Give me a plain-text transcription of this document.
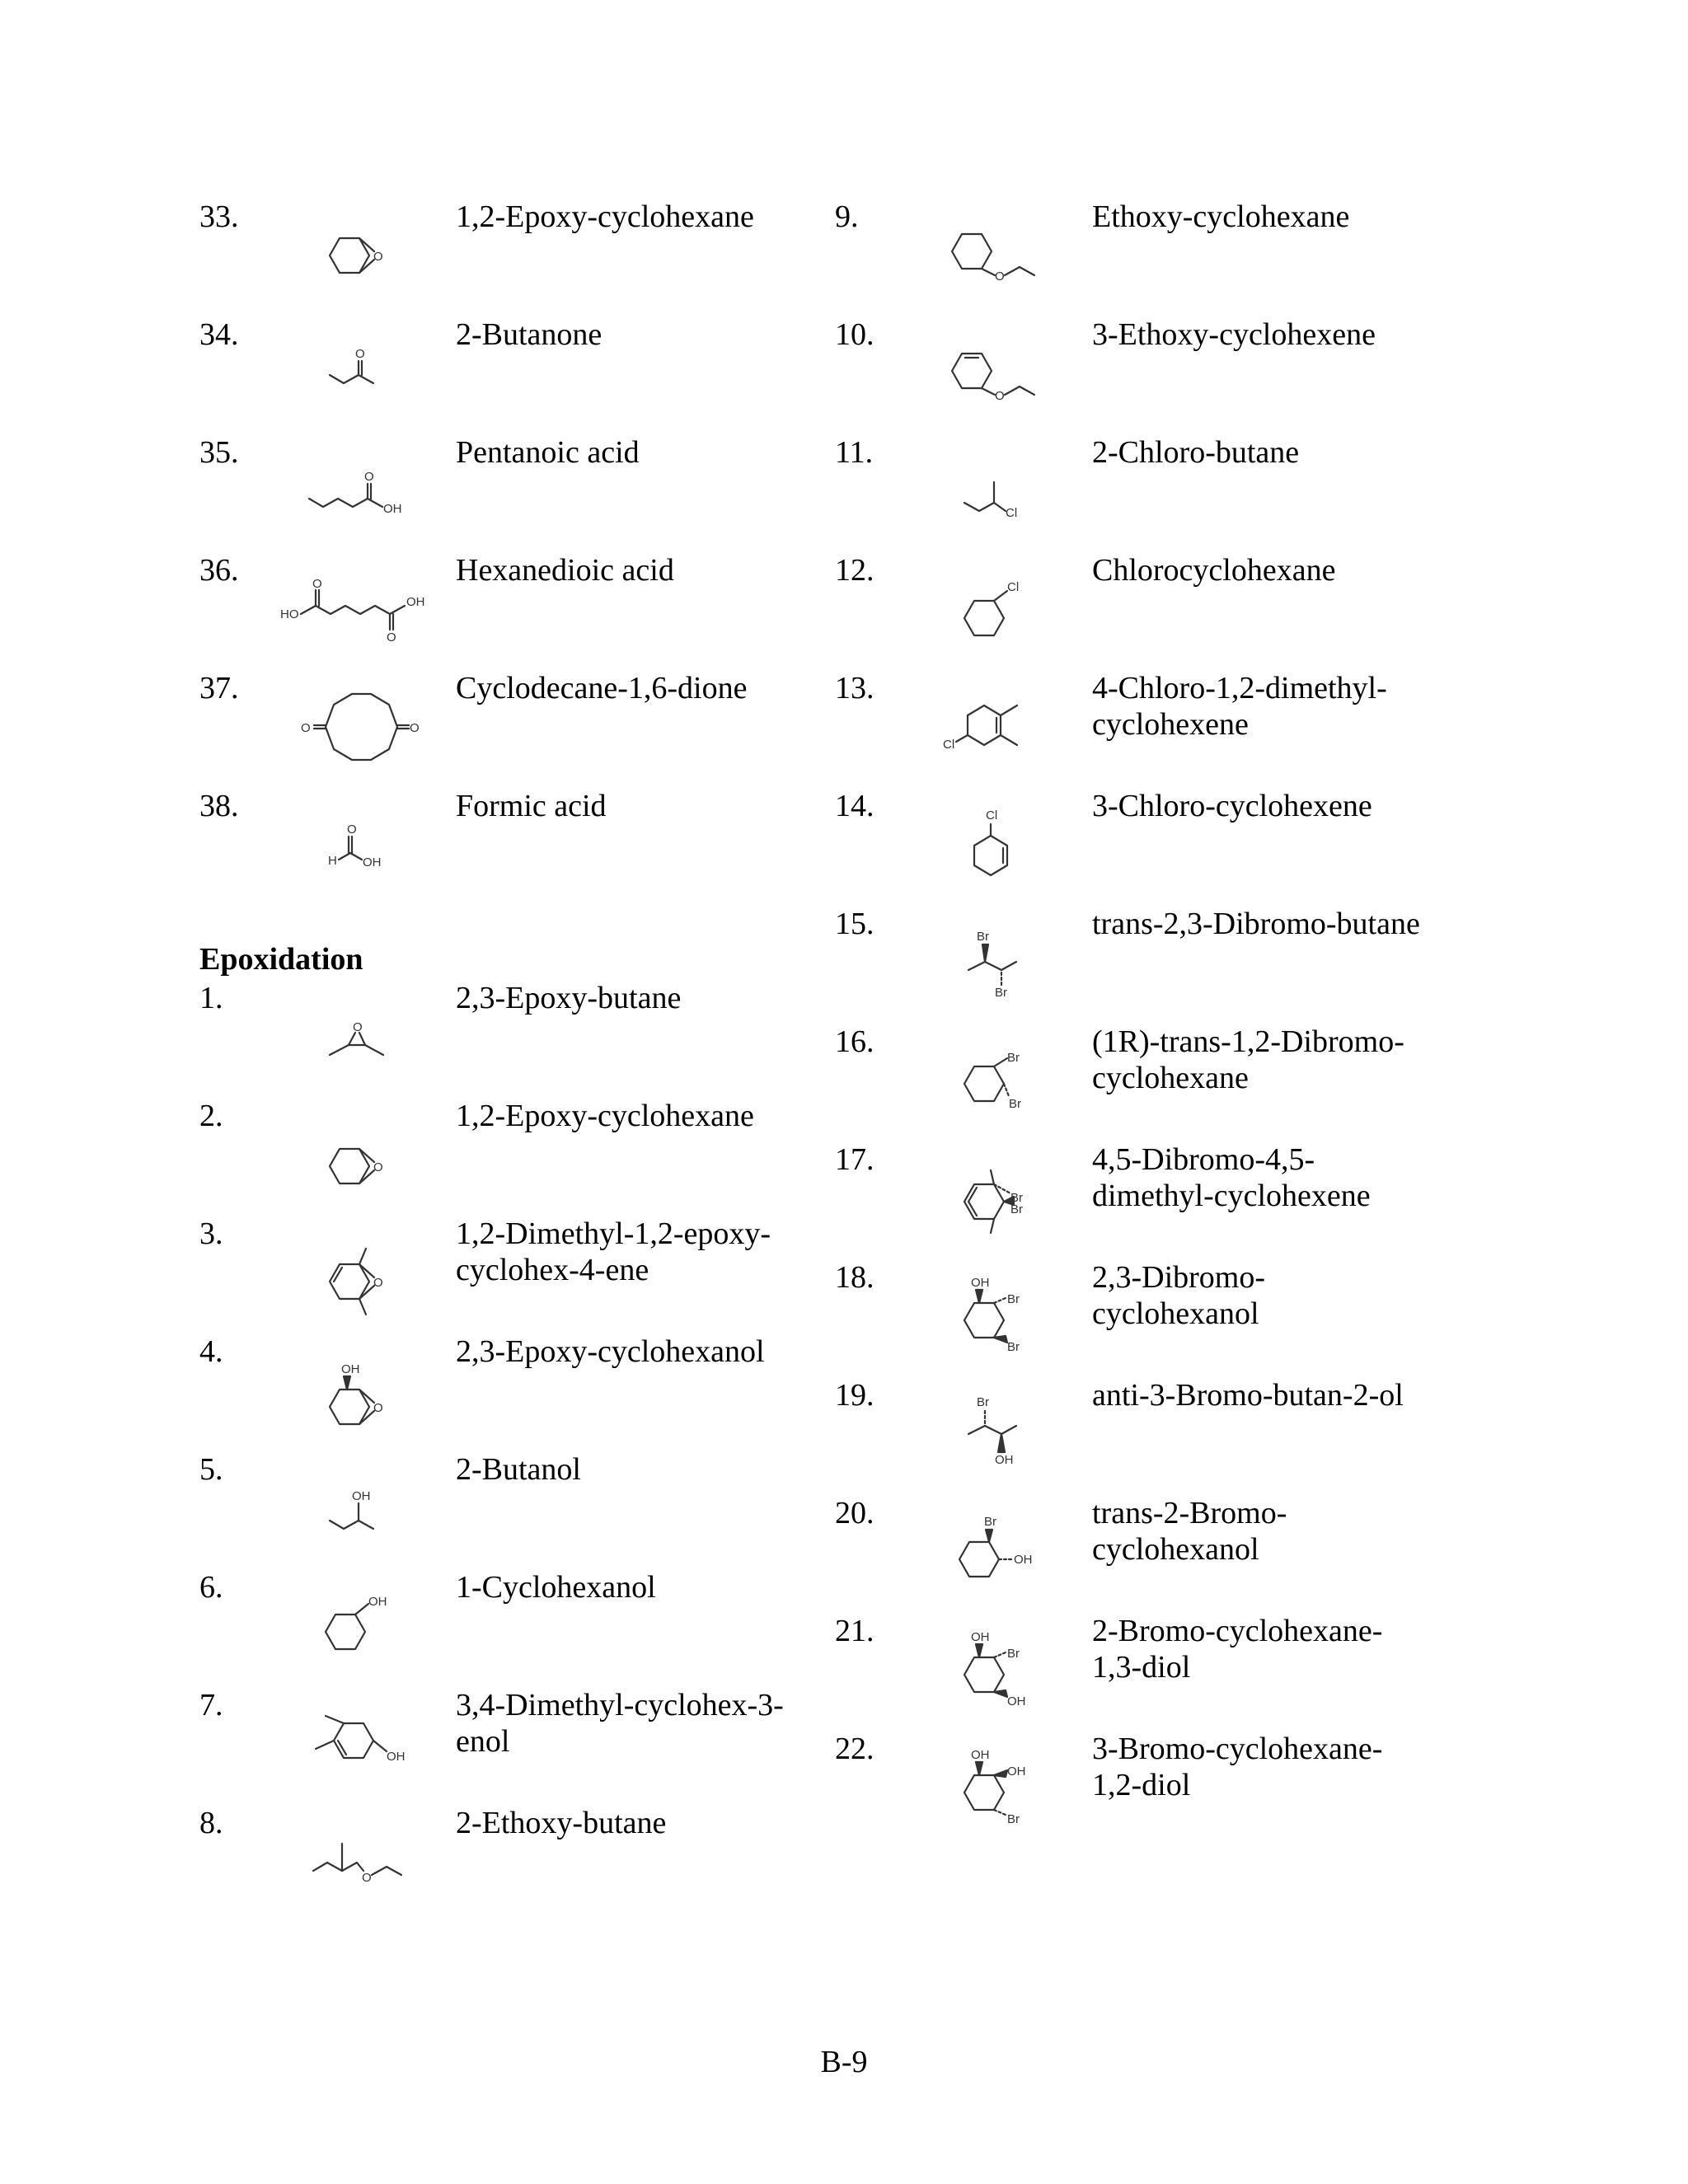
33.	1,2-Epoxy-cyclohexane
34.	2-Butanone
35.	Pentanoic acid
36.	Hexanedioic acid
37.	Cyclodecane-1,6-dione
38.	Formic acid
Epoxidation
1.	2,3-Epoxy-butane
2.	1,2-Epoxy-cyclohexane
3.	1,2-Dimethyl-1,2-epoxy-
cyclohex-4-ene
4.	2,3-Epoxy-cyclohexanol
5.	2-Butanol
6.	1-Cyclohexanol
7.	3,4-Dimethyl-cyclohex-3-
enol
8.	2-Ethoxy-butane
9.	Ethoxy-cyclohexane
10.	3-Ethoxy-cyclohexene
11.	2-Chloro-butane
12.	Chlorocyclohexane
13.	4-Chloro-1,2-dimethyl-
cyclohexene
14.	3-Chloro-cyclohexene
15.	trans-2,3-Dibromo-butane
16.	(1R)-trans-1,2-Dibromo-
cyclohexane
17.	4,5-Dibromo-4,5-
dimethyl-cyclohexene
18.	2,3-Dibromo-
cyclohexanol
19.	anti-3-Bromo-butan-2-ol
20.	trans-2-Bromo-
cyclohexanol
21.	2-Bromo-cyclohexane-
1,3-diol
22.	3-Bromo-cyclohexane-
1,2-diol
O
O
O
OH
HO
O
O
OH
O	O
H
O
OH
O
O
O
OH
O
OH
OH
OH
O
O
O
Cl
Cl
Cl
Cl
Br
Br
Br
Br
Br
Br
OH
Br
Br
Br
OH
Br
OH
OH
Br
OH
OH
OH
Br
B-9
